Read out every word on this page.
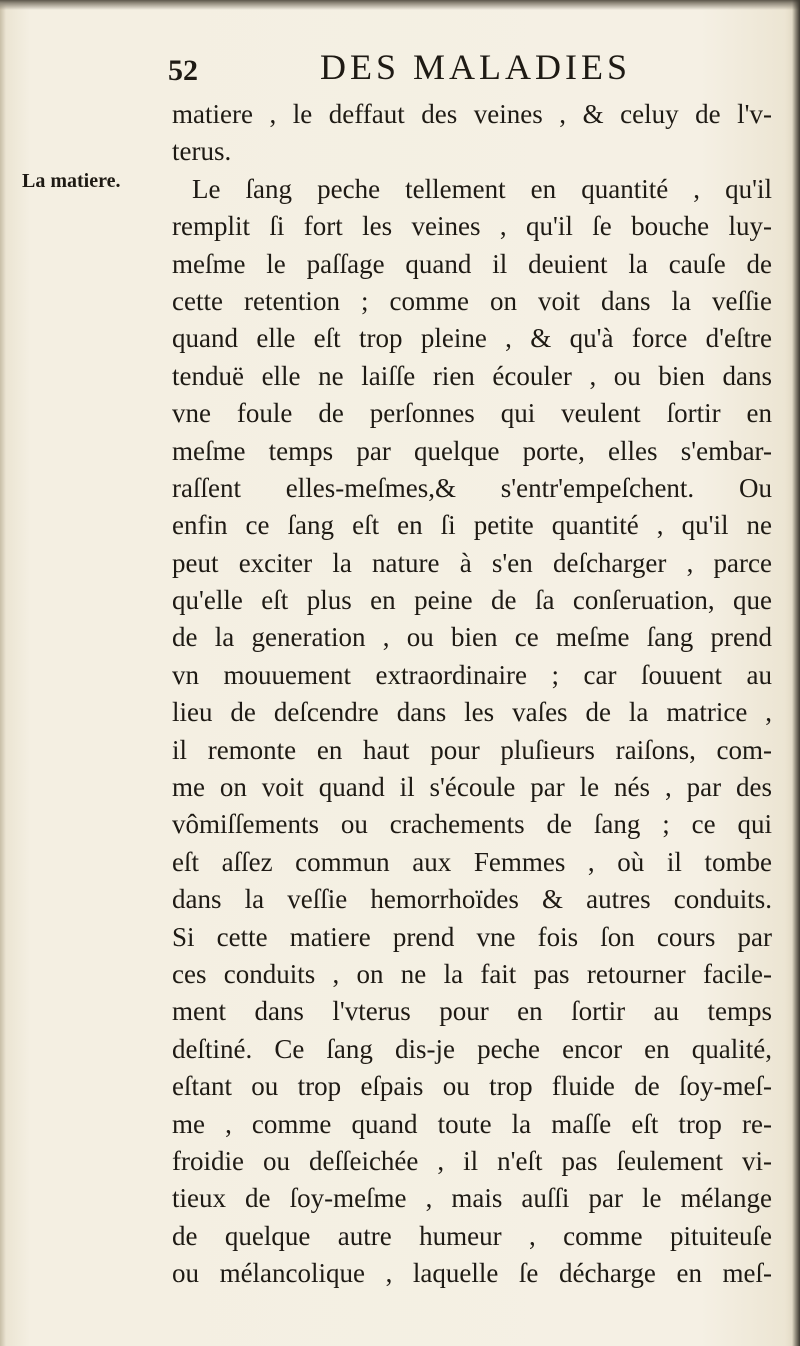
52	DES MALADIES
La matiere.
matiere , le deffaut des veines , & celuy de l'v-
terus.
Le ſang peche tellement en quantité , qu'il
remplit ſi fort les veines , qu'il ſe bouche luy-
meſme le paſſage quand il deuient la cauſe de
cette retention ; comme on voit dans la veſſie
quand elle eſt trop pleine , & qu'à force d'eſtre
tenduë elle ne laiſſe rien écouler , ou bien dans
vne foule de perſonnes qui veulent ſortir en
meſme temps par quelque porte, elles s'embar-
raſſent elles-meſmes,& s'entr'empeſchent. Ou
enfin ce ſang eſt en ſi petite quantité , qu'il ne
peut exciter la nature à s'en deſcharger , parce
qu'elle eſt plus en peine de ſa conſeruation, que
de la generation , ou bien ce meſme ſang prend
vn mouuement extraordinaire ; car ſouuent au
lieu de deſcendre dans les vaſes de la matrice ,
il remonte en haut pour pluſieurs raiſons, com-
me on voit quand il s'écoule par le nés , par des
vômiſſements ou crachements de ſang ; ce qui
eſt aſſez commun aux Femmes , où il tombe
dans la veſſie hemorrhoïdes & autres conduits.
Si cette matiere prend vne fois ſon cours par
ces conduits , on ne la fait pas retourner facile-
ment dans l'vterus pour en ſortir au temps
deſtiné. Ce ſang dis-je peche encor en qualité,
eſtant ou trop eſpais ou trop fluide de ſoy-meſ-
me , comme quand toute la maſſe eſt trop re-
froidie ou deſſeichée , il n'eſt pas ſeulement vi-
tieux de ſoy-meſme , mais auſſi par le mélange
de quelque autre humeur , comme pituiteuſe
ou mélancolique , laquelle ſe décharge en meſ-
